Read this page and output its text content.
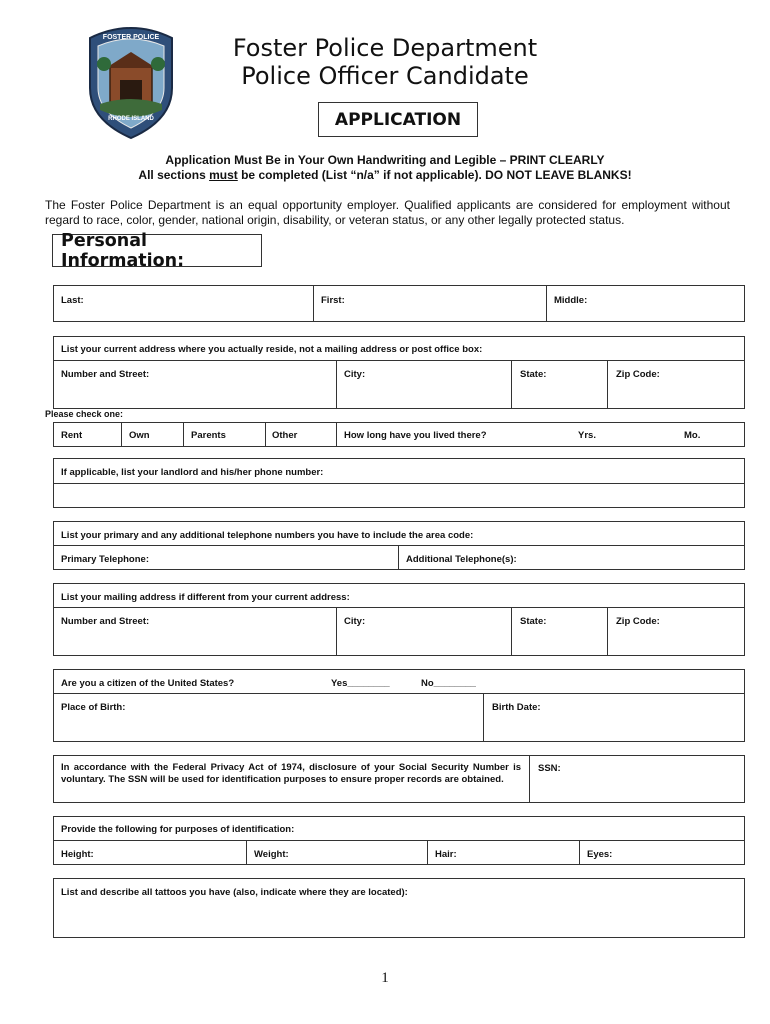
FOSTER POLICE
RHODE ISLAND
Foster Police Department
Police Officer Candidate
APPLICATION
Application Must Be in Your Own Handwriting and Legible – PRINT CLEARLY
All sections must be completed (List “n/a” if not applicable). DO NOT LEAVE BLANKS!
The Foster Police Department is an equal opportunity employer. Qualified applicants are considered for employment without regard to race, color, gender, national origin, disability, or veteran status, or any other legally protected status.
Personal Information:
Last:	First:	Middle:
List your current address where you actually reside, not a mailing address or post office box:
Number and Street:	City:	State:	Zip Code:
Please check one:
Rent	Own	Parents	Other	How long have you lived there?	Yrs.	Mo.
If applicable, list your landlord and his/her phone number:
List your primary and any additional telephone numbers you have to include the area code:
Primary Telephone:	Additional Telephone(s):
List your mailing address if different from your current address:
Number and Street:	City:	State:	Zip Code:
Are you a citizen of the United States?	Yes________	No________
Place of Birth:	Birth Date:
In accordance with the Federal Privacy Act of 1974, disclosure of your Social Security Number is voluntary. The SSN will be used for identification purposes to ensure proper records are obtained.
SSN:
Provide the following for purposes of identification:
Height:	Weight:	Hair:	Eyes:
List and describe all tattoos you have (also, indicate where they are located):
1
